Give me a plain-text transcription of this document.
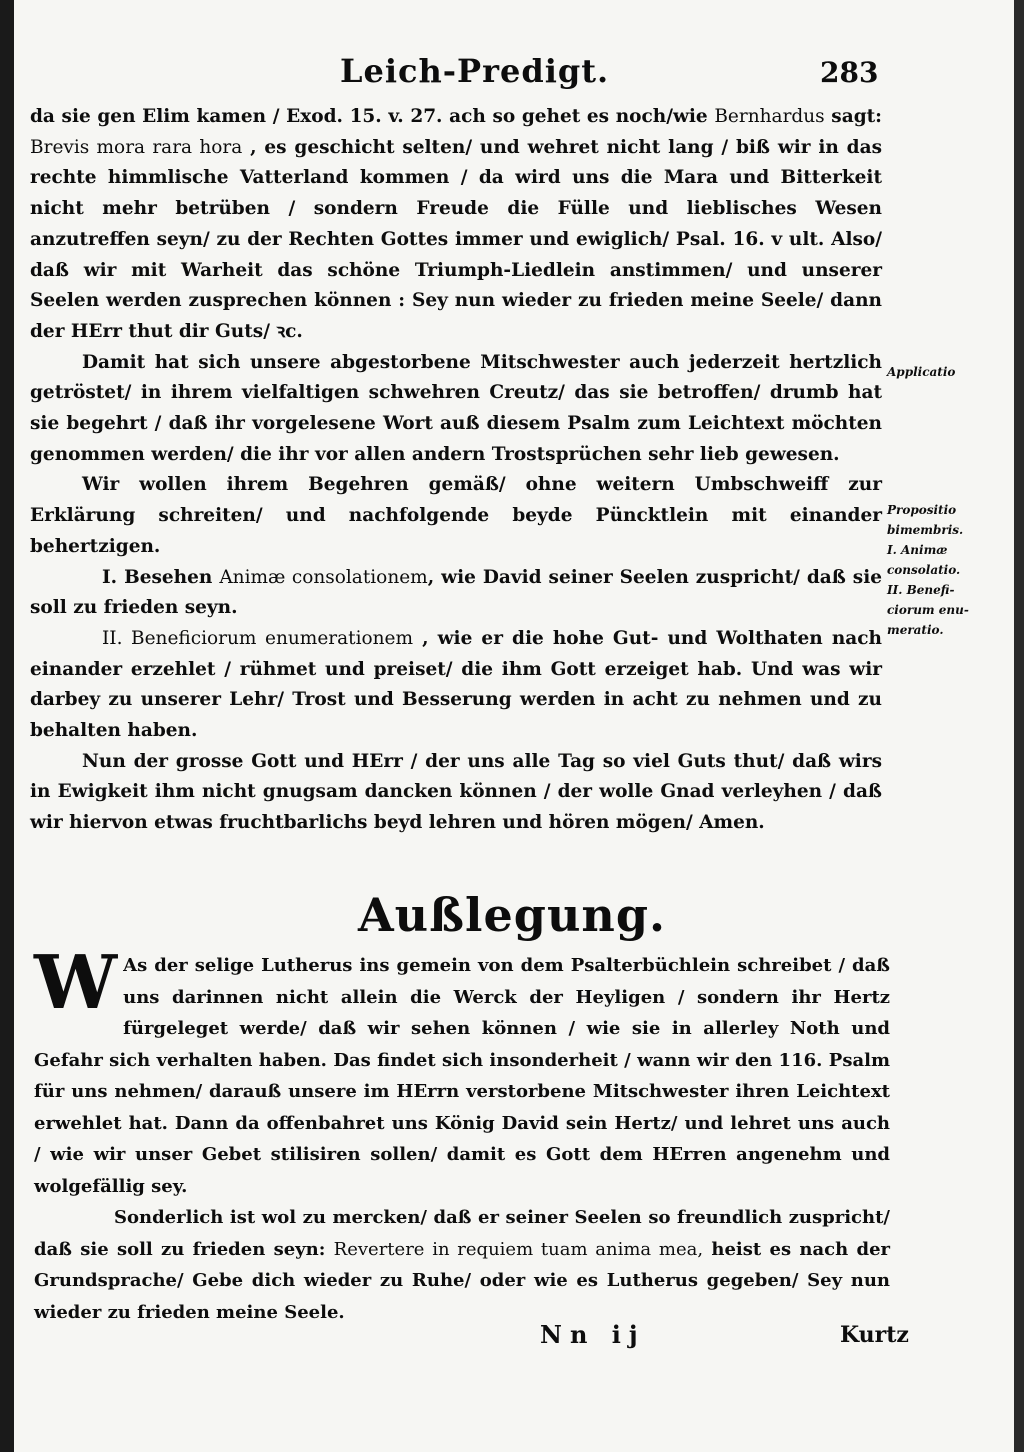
Leich-Predigt.	283

da sie gen Elim kamen / Exod. 15. v. 27. ach so gehet es noch/wie Bernhardus sagt: Brevis mora rara hora , es geschicht selten/ und wehret nicht lang / biß wir in das rechte himmlische Vatterland kommen / da wird uns die Mara und Bitterkeit nicht mehr betrüben / sondern Freude die Fülle und lieblisches Wesen anzutreffen seyn/ zu der Rechten Gottes immer und ewiglich/ Psal. 16. v ult. Also/ daß wir mit Warheit das schöne Triumph-Liedlein anstimmen/ und unserer Seelen werden zusprechen können : Sey nun wieder zu frieden meine Seele/ dann der HErr thut dir Guts/ ꝛc.

Damit hat sich unsere abgestorbene Mitschwester auch jederzeit hertzlich getröstet/ in ihrem vielfaltigen schwehren Creutz/ das sie betroffen/ drumb hat sie begehrt / daß ihr vorgelesene Wort auß diesem Psalm zum Leichtext möchten genommen werden/ die ihr vor allen andern Trostsprüchen sehr lieb gewesen.

Wir wollen ihrem Begehren gemäß/ ohne weitern Umbschweiff zur Erklärung schreiten/ und nachfolgende beyde Püncktlein mit einander behertzigen.

I. Besehen Animæ consolationem, wie David seiner Seelen zuspricht/ daß sie soll zu frieden seyn.

II. Beneficiorum enumerationem , wie er die hohe Gut- und Wolthaten nach einander erzehlet / rühmet und preiset/ die ihm Gott erzeiget hab. Und was wir darbey zu unserer Lehr/ Trost und Besserung werden in acht zu nehmen und zu behalten haben.

Nun der grosse Gott und HErr / der uns alle Tag so viel Guts thut/ daß wirs in Ewigkeit ihm nicht gnugsam dancken können / der wolle Gnad verleyhen / daß wir hiervon etwas fruchtbarlichs beyd lehren und hören mögen/ Amen.

Applicatio
Propositio
bimembris.
I. Animæ
consolatio.
II. Benefi-
ciorum enu-
meratio.
Außlegung.

W As der selige Lutherus ins gemein von dem Psalterbüchlein schreibet / daß uns darinnen nicht allein die Werck der Heyligen / sondern ihr Hertz fürgeleget werde/ daß wir sehen können / wie sie in allerley Noth und Gefahr sich verhalten haben. Das findet sich insonderheit / wann wir den 116. Psalm für uns nehmen/ darauß unsere im HErrn verstorbene Mitschwester ihren Leichtext erwehlet hat. Dann da offenbahret uns König David sein Hertz/ und lehret uns auch / wie wir unser Gebet stilisiren sollen/ damit es Gott dem HErren angenehm und wolgefällig sey.

Sonderlich ist wol zu mercken/ daß er seiner Seelen so freundlich zuspricht/ daß sie soll zu frieden seyn: Revertere in requiem tuam anima mea, heist es nach der Grundsprache/ Gebe dich wieder zu Ruhe/ oder wie es Lutherus gegeben/ Sey nun wieder zu frieden meine Seele.

Nn ij	Kurtz
